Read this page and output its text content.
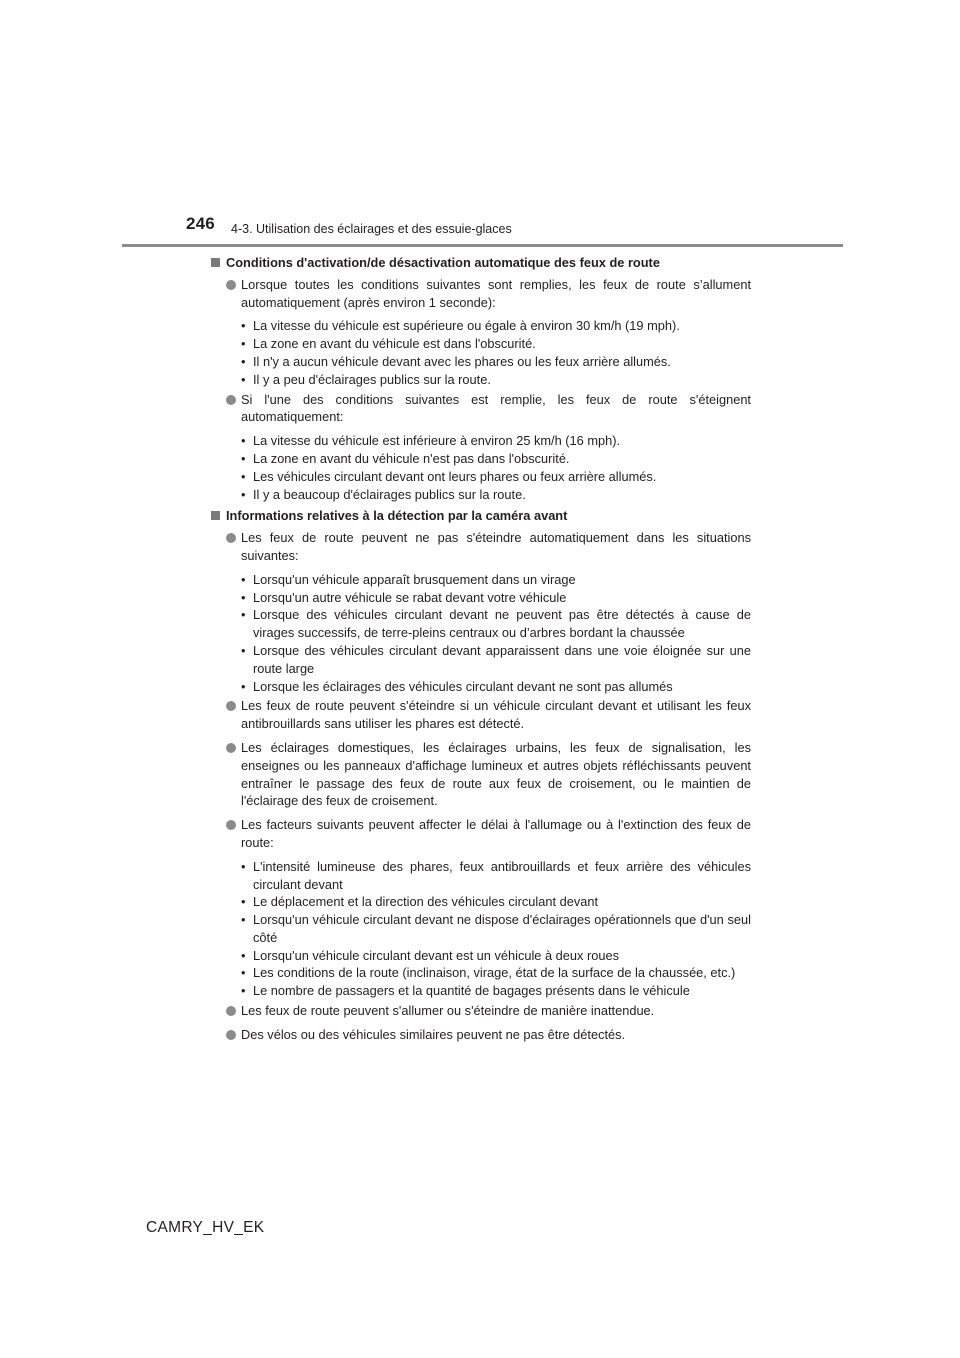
246 4-3. Utilisation des éclairages et des essuie-glaces
Conditions d'activation/de désactivation automatique des feux de route
Lorsque toutes les conditions suivantes sont remplies, les feux de route s’allument automatiquement (après environ 1 seconde):
• La vitesse du véhicule est supérieure ou égale à environ 30 km/h (19 mph).
• La zone en avant du véhicule est dans l'obscurité.
• Il n'y a aucun véhicule devant avec les phares ou les feux arrière allumés.
• Il y a peu d'éclairages publics sur la route.
Si l'une des conditions suivantes est remplie, les feux de route s'éteignent automatiquement:
• La vitesse du véhicule est inférieure à environ 25 km/h (16 mph).
• La zone en avant du véhicule n'est pas dans l'obscurité.
• Les véhicules circulant devant ont leurs phares ou feux arrière allumés.
• Il y a beaucoup d'éclairages publics sur la route.
Informations relatives à la détection par la caméra avant
Les feux de route peuvent ne pas s'éteindre automatiquement dans les situations suivantes:
• Lorsqu'un véhicule apparaît brusquement dans un virage
• Lorsqu'un autre véhicule se rabat devant votre véhicule
• Lorsque des véhicules circulant devant ne peuvent pas être détectés à cause de virages successifs, de terre-pleins centraux ou d’arbres bordant la chaussée
• Lorsque des véhicules circulant devant apparaissent dans une voie éloignée sur une route large
• Lorsque les éclairages des véhicules circulant devant ne sont pas allumés
Les feux de route peuvent s'éteindre si un véhicule circulant devant et utilisant les feux antibrouillards sans utiliser les phares est détecté.
Les éclairages domestiques, les éclairages urbains, les feux de signalisation, les enseignes ou les panneaux d'affichage lumineux et autres objets réfléchissants peuvent entraîner le passage des feux de route aux feux de croisement, ou le maintien de l'éclairage des feux de croisement.
Les facteurs suivants peuvent affecter le délai à l'allumage ou à l'extinction des feux de route:
• L'intensité lumineuse des phares, feux antibrouillards et feux arrière des véhicules circulant devant
• Le déplacement et la direction des véhicules circulant devant
• Lorsqu'un véhicule circulant devant ne dispose d'éclairages opérationnels que d'un seul côté
• Lorsqu'un véhicule circulant devant est un véhicule à deux roues
• Les conditions de la route (inclinaison, virage, état de la surface de la chaussée, etc.)
• Le nombre de passagers et la quantité de bagages présents dans le véhicule
Les feux de route peuvent s'allumer ou s'éteindre de manière inattendue.
Des vélos ou des véhicules similaires peuvent ne pas être détectés.
CAMRY_HV_EK
